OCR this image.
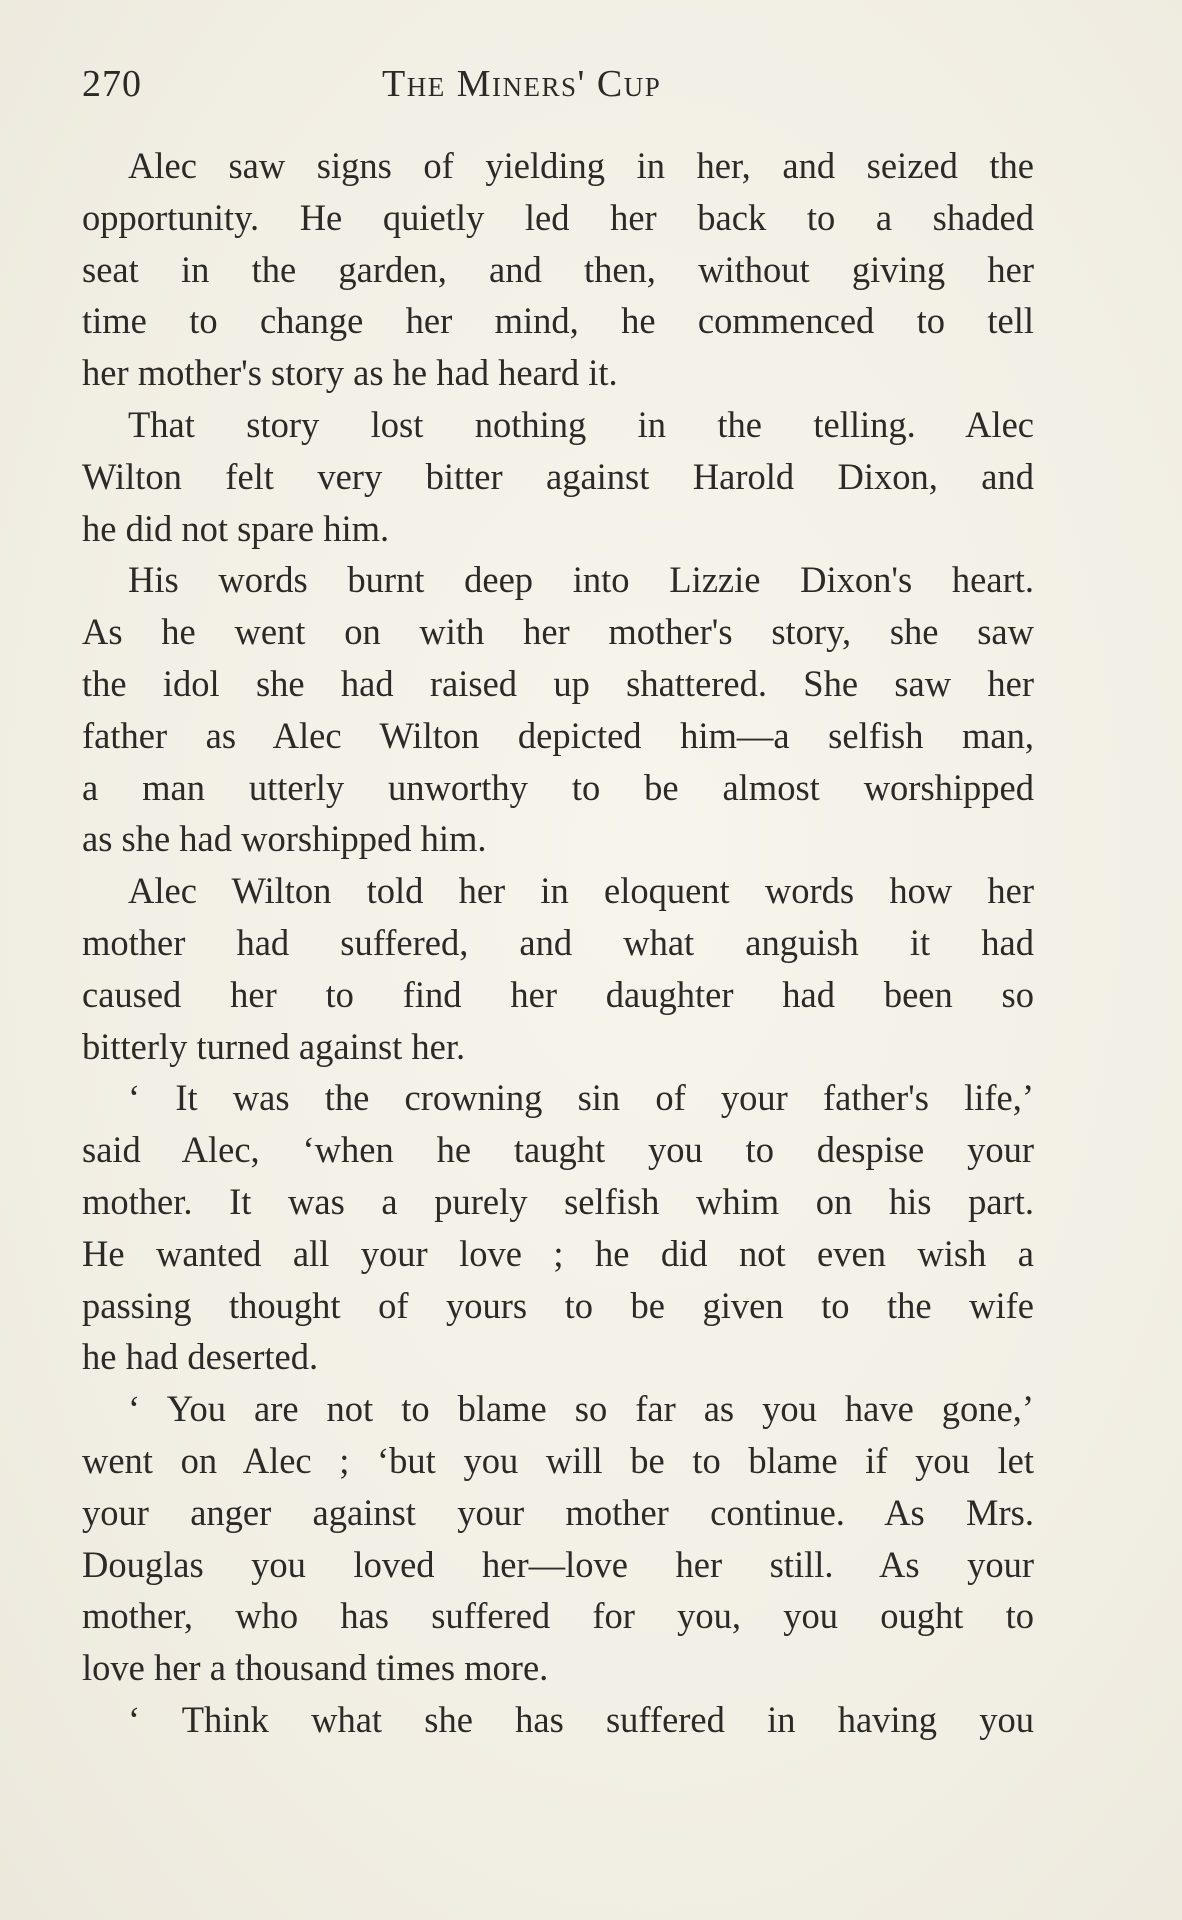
270	The Miners' Cup
Alec saw signs of yielding in her, and seized the
opportunity. He quietly led her back to a shaded
seat in the garden, and then, without giving her
time to change her mind, he commenced to tell
her mother's story as he had heard it.
That story lost nothing in the telling. Alec
Wilton felt very bitter against Harold Dixon, and
he did not spare him.
His words burnt deep into Lizzie Dixon's heart.
As he went on with her mother's story, she saw
the idol she had raised up shattered. She saw her
father as Alec Wilton depicted him—a selfish man,
a man utterly unworthy to be almost worshipped
as she had worshipped him.
Alec Wilton told her in eloquent words how her
mother had suffered, and what anguish it had
caused her to find her daughter had been so
bitterly turned against her.
‘ It was the crowning sin of your father's life,’
said Alec, ‘when he taught you to despise your
mother. It was a purely selfish whim on his part.
He wanted all your love ; he did not even wish a
passing thought of yours to be given to the wife
he had deserted.
‘ You are not to blame so far as you have gone,’
went on Alec ; ‘but you will be to blame if you let
your anger against your mother continue. As Mrs.
Douglas you loved her—love her still. As your
mother, who has suffered for you, you ought to
love her a thousand times more.
‘ Think what she has suffered in having you
